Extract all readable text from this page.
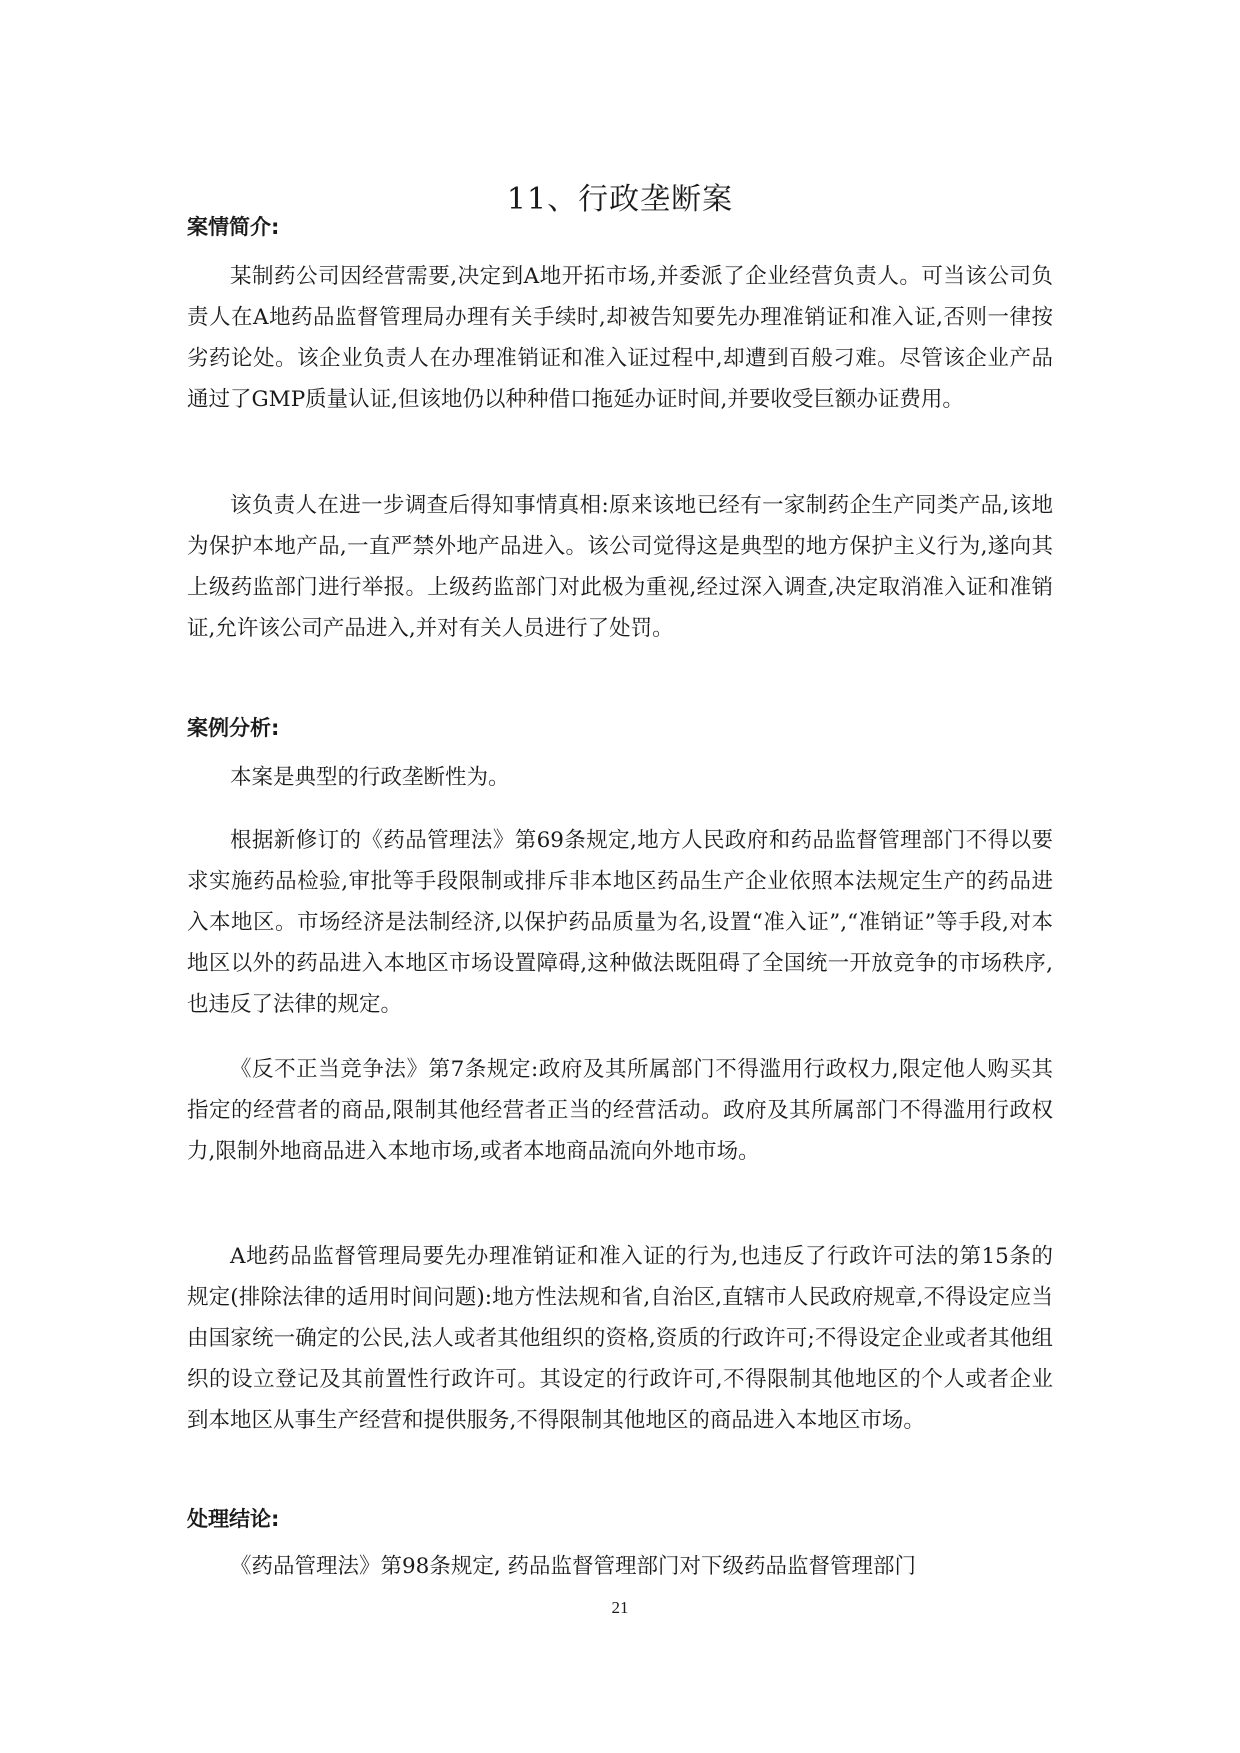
11、行政垄断案
案情简介:

某制药公司因经营需要,决定到A地开拓市场,并委派了企业经营负责人。可当该公司负责人在A地药品监督管理局办理有关手续时,却被告知要先办理准销证和准入证,否则一律按劣药论处。该企业负责人在办理准销证和准入证过程中,却遭到百般刁难。尽管该企业产品通过了GMP质量认证,但该地仍以种种借口拖延办证时间,并要收受巨额办证费用。

该负责人在进一步调查后得知事情真相:原来该地已经有一家制药企生产同类产品,该地为保护本地产品,一直严禁外地产品进入。该公司觉得这是典型的地方保护主义行为,遂向其上级药监部门进行举报。上级药监部门对此极为重视,经过深入调查,决定取消准入证和准销证,允许该公司产品进入,并对有关人员进行了处罚。

案例分析:

本案是典型的行政垄断性为。

根据新修订的《药品管理法》第69条规定,地方人民政府和药品监督管理部门不得以要求实施药品检验,审批等手段限制或排斥非本地区药品生产企业依照本法规定生产的药品进入本地区。市场经济是法制经济,以保护药品质量为名,设置“准入证”,“准销证”等手段,对本地区以外的药品进入本地区市场设置障碍,这种做法既阻碍了全国统一开放竞争的市场秩序,也违反了法律的规定。

《反不正当竞争法》第7条规定:政府及其所属部门不得滥用行政权力,限定他人购买其指定的经营者的商品,限制其他经营者正当的经营活动。政府及其所属部门不得滥用行政权力,限制外地商品进入本地市场,或者本地商品流向外地市场。

A地药品监督管理局要先办理准销证和准入证的行为,也违反了行政许可法的第15条的规定(排除法律的适用时间问题):地方性法规和省,自治区,直辖市人民政府规章,不得设定应当由国家统一确定的公民,法人或者其他组织的资格,资质的行政许可;不得设定企业或者其他组织的设立登记及其前置性行政许可。其设定的行政许可,不得限制其他地区的个人或者企业到本地区从事生产经营和提供服务,不得限制其他地区的商品进入本地区市场。

处理结论:

《药品管理法》第98条规定, 药品监督管理部门对下级药品监督管理部门

21
